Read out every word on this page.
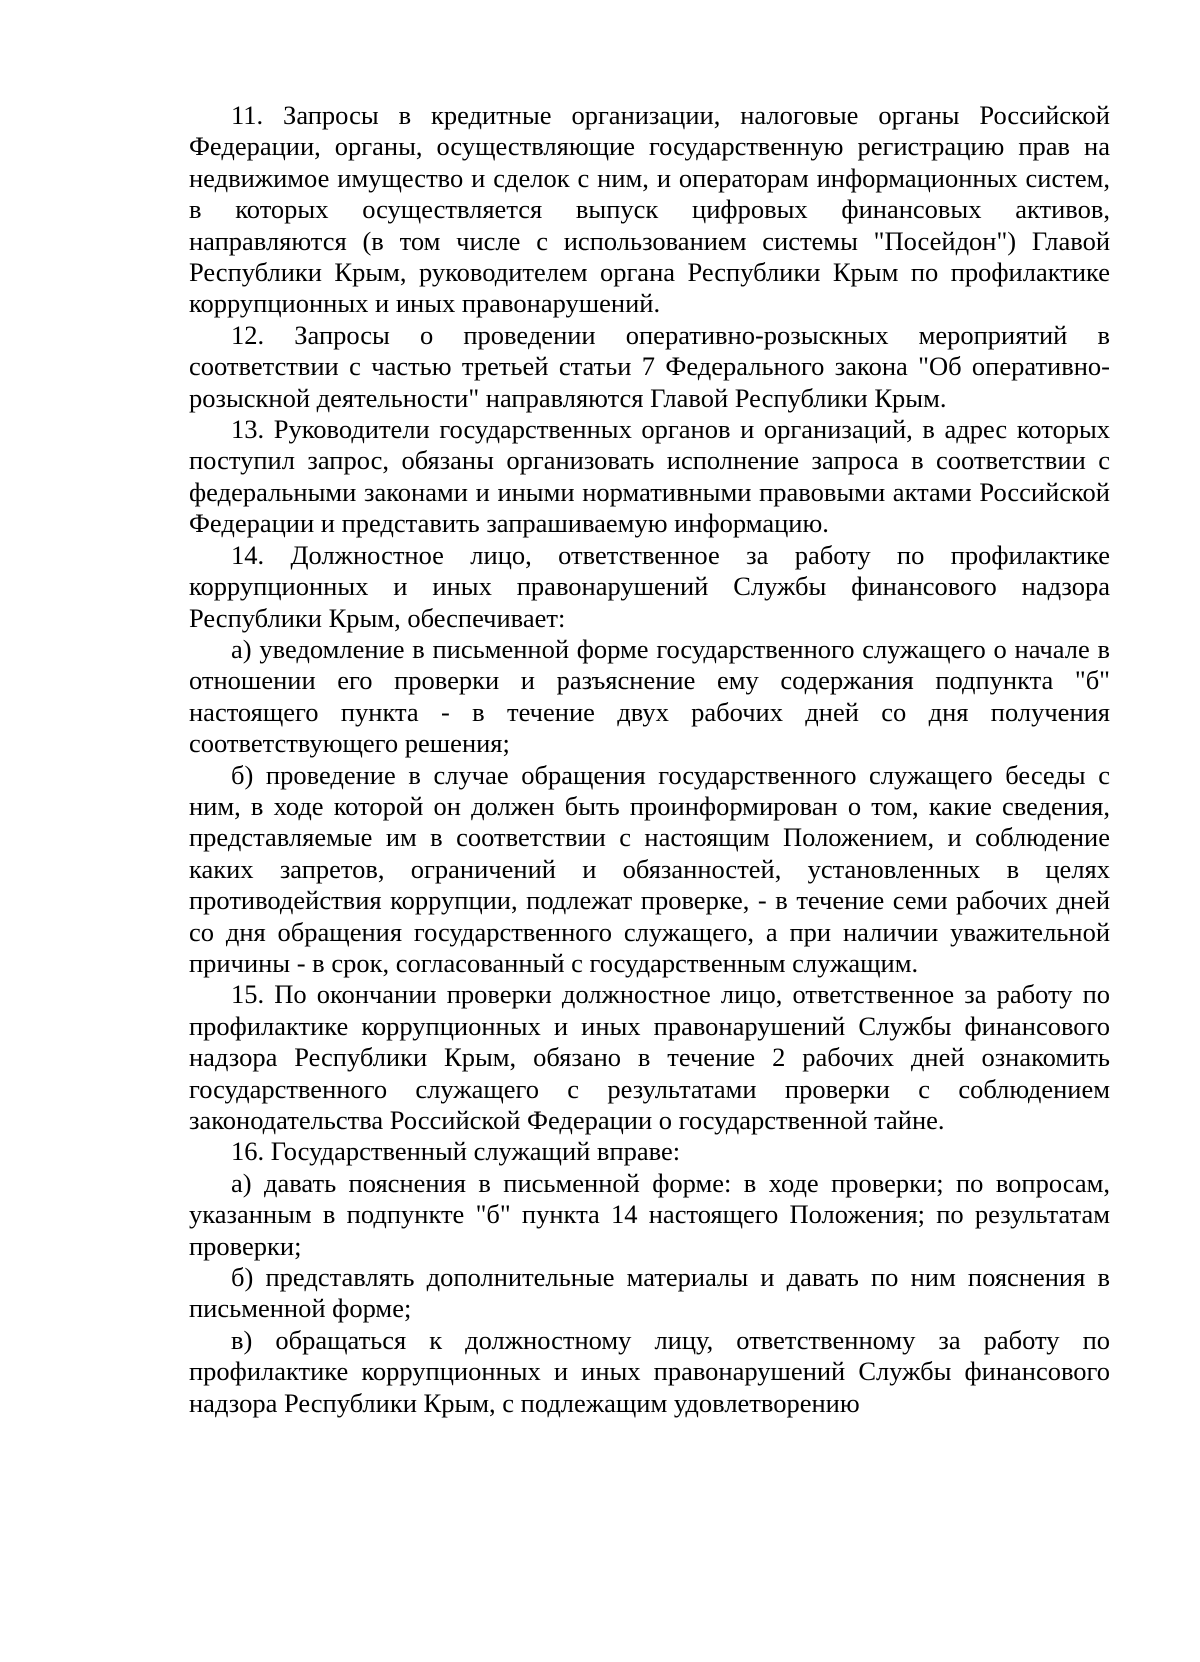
11. Запросы в кредитные организации, налоговые органы Российской Федерации, органы, осуществляющие государственную регистрацию прав на недвижимое имущество и сделок с ним, и операторам информационных систем, в которых осуществляется выпуск цифровых финансовых активов, направляются (в том числе с использованием системы "Посейдон") Главой Республики Крым, руководителем органа Республики Крым по профилактике коррупционных и иных правонарушений.

12. Запросы о проведении оперативно-розыскных мероприятий в соответствии с частью третьей статьи 7 Федерального закона "Об оперативно-розыскной деятельности" направляются Главой Республики Крым.

13. Руководители государственных органов и организаций, в адрес которых поступил запрос, обязаны организовать исполнение запроса в соответствии с федеральными законами и иными нормативными правовыми актами Российской Федерации и представить запрашиваемую информацию.

14. Должностное лицо, ответственное за работу по профилактике коррупционных и иных правонарушений Службы финансового надзора Республики Крым, обеспечивает:

а) уведомление в письменной форме государственного служащего о начале в отношении его проверки и разъяснение ему содержания подпункта "б" настоящего пункта - в течение двух рабочих дней со дня получения соответствующего решения;

б) проведение в случае обращения государственного служащего беседы с ним, в ходе которой он должен быть проинформирован о том, какие сведения, представляемые им в соответствии с настоящим Положением, и соблюдение каких запретов, ограничений и обязанностей, установленных в целях противодействия коррупции, подлежат проверке, - в течение семи рабочих дней со дня обращения государственного служащего, а при наличии уважительной причины - в срок, согласованный с государственным служащим.

15. По окончании проверки должностное лицо, ответственное за работу по профилактике коррупционных и иных правонарушений Службы финансового надзора Республики Крым, обязано в течение 2 рабочих дней ознакомить государственного служащего с результатами проверки с соблюдением законодательства Российской Федерации о государственной тайне.

16. Государственный служащий вправе:

а) давать пояснения в письменной форме: в ходе проверки; по вопросам, указанным в подпункте "б" пункта 14 настоящего Положения; по результатам проверки;

б) представлять дополнительные материалы и давать по ним пояснения в письменной форме;

в) обращаться к должностному лицу, ответственному за работу по профилактике коррупционных и иных правонарушений Службы финансового надзора Республики Крым, с подлежащим удовлетворению
